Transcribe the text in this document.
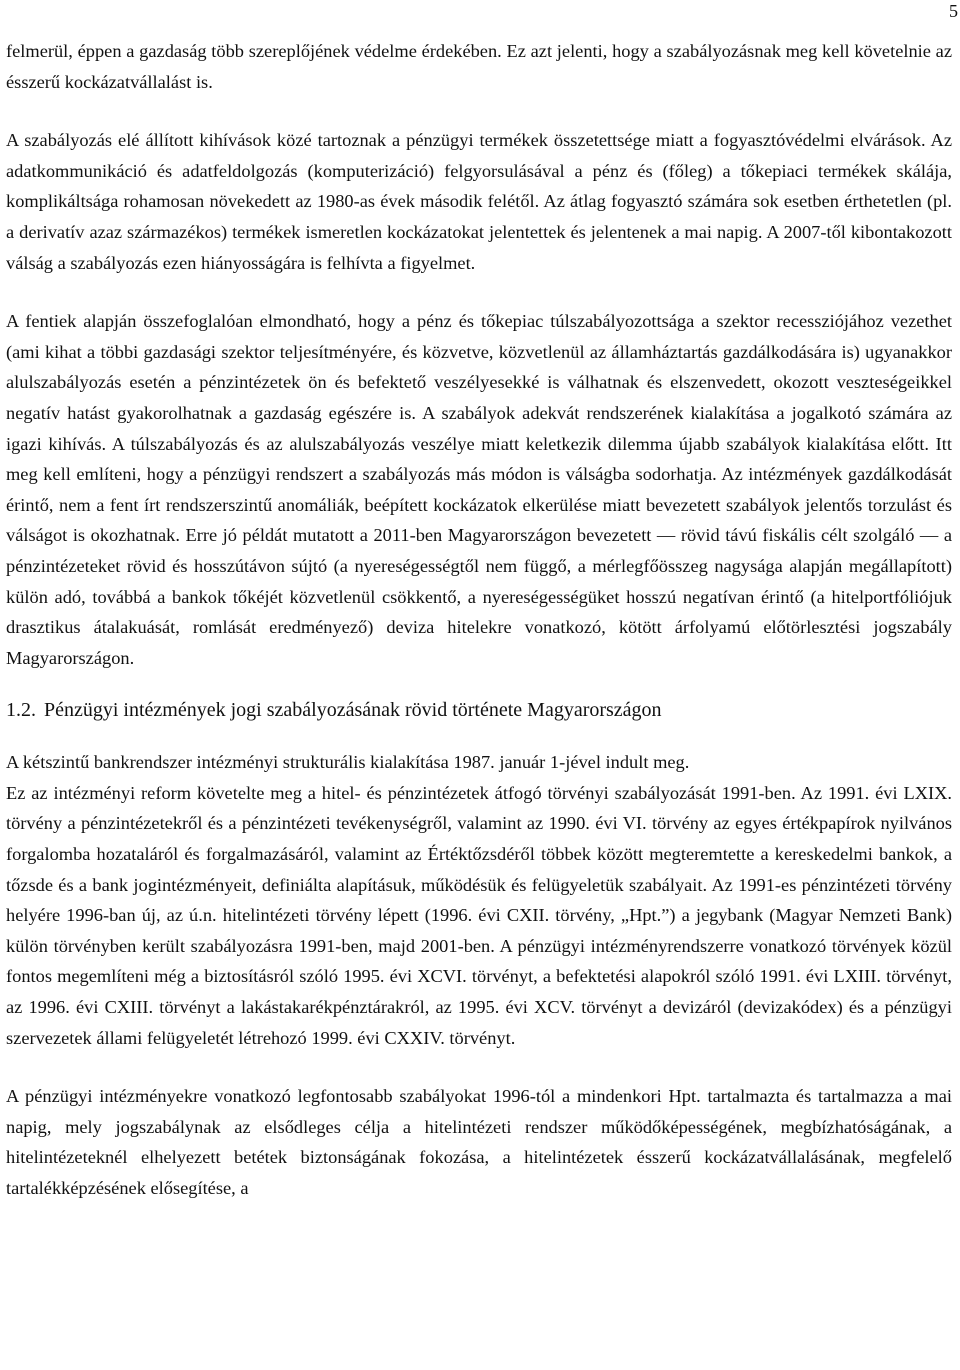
5

felmerül, éppen a gazdaság több szereplőjének védelme érdekében. Ez azt jelenti, hogy a szabályozásnak meg kell követelnie az ésszerű kockázatvállalást is.

A szabályozás elé állított kihívások közé tartoznak a pénzügyi termékek összetettsége miatt a fogyasztóvédelmi elvárások. Az adatkommunikáció és adatfeldolgozás (komputerizáció) felgyorsulásával a pénz és (főleg) a tőkepiaci termékek skálája, komplikáltsága rohamosan növekedett az 1980-as évek második felétől. Az átlag fogyasztó számára sok esetben érthetetlen (pl. a derivatív azaz származékos) termékek ismeretlen kockázatokat jelentettek és jelentenek a mai napig. A 2007-től kibontakozott válság a szabályozás ezen hiányosságára is felhívta a figyelmet.

A fentiek alapján összefoglalóan elmondható, hogy a pénz és tőkepiac túlszabályozottsága a szektor recessziójához vezethet (ami kihat a többi gazdasági szektor teljesítményére, és közvetve, közvetlenül az államháztartás gazdálkodására is) ugyanakkor alulszabályozás esetén a pénzintézetek ön és befektető veszélyesekké is válhatnak és elszenvedett, okozott veszteségeikkel negatív hatást gyakorolhatnak a gazdaság egészére is. A szabályok adekvát rendszerének kialakítása a jogalkotó számára az igazi kihívás. A túlszabályozás és az alulszabályozás veszélye miatt keletkezik dilemma újabb szabályok kialakítása előtt. Itt meg kell említeni, hogy a pénzügyi rendszert a szabályozás más módon is válságba sodorhatja. Az intézmények gazdálkodását érintő, nem a fent írt rendszerszintű anomáliák, beépített kockázatok elkerülése miatt bevezetett szabályok jelentős torzulást és válságot is okozhatnak. Erre jó példát mutatott a 2011-ben Magyarországon bevezetett — rövid távú fiskális célt szolgáló — a pénzintézeteket rövid és hosszútávon sújtó (a nyereségességtől nem függő, a mérlegfőösszeg nagysága alapján megállapított) külön adó, továbbá a bankok tőkéjét közvetlenül csökkentő, a nyereségességüket hosszú negatívan érintő (a hitelportfóliójuk drasztikus átalakuását, romlását eredményező) deviza hitelekre vonatkozó, kötött árfolyamú előtörlesztési jogszabály Magyarországon.

1.2. Pénzügyi intézmények jogi szabályozásának rövid története Magyarországon

A kétszintű bankrendszer intézményi strukturális kialakítása 1987. január 1-jével indult meg.

Ez az intézményi reform követelte meg a hitel- és pénzintézetek átfogó törvényi szabályozását 1991-ben. Az 1991. évi LXIX. törvény a pénzintézetekről és a pénzintézeti tevékenységről, valamint az 1990. évi VI. törvény az egyes értékpapírok nyilvános forgalomba hozataláról és forgalmazásáról, valamint az Értéktőzsdéről többek között megteremtette a kereskedelmi bankok, a tőzsde és a bank jogintézményeit, definiálta alapításuk, működésük és felügyeletük szabályait. Az 1991-es pénzintézeti törvény helyére 1996-ban új, az ú.n. hitelintézeti törvény lépett (1996. évi CXII. törvény, „Hpt.”) a jegybank (Magyar Nemzeti Bank) külön törvényben került szabályozásra 1991-ben, majd 2001-ben. A pénzügyi intézményrendszerre vonatkozó törvények közül fontos megemlíteni még a biztosításról szóló 1995. évi XCVI. törvényt, a befektetési alapokról szóló 1991. évi LXIII. törvényt, az 1996. évi CXIII. törvényt a lakástakarékpénztárakról, az 1995. évi XCV. törvényt a devizáról (devizakódex) és a pénzügyi szervezetek állami felügyeletét létrehozó 1999. évi CXXIV. törvényt.

A pénzügyi intézményekre vonatkozó legfontosabb szabályokat 1996-tól a mindenkori Hpt. tartalmazta és tartalmazza a mai napig, mely jogszabálynak az elsődleges célja a hitelintézeti rendszer működőképességének, megbízhatóságának, a hitelintézeteknél elhelyezett betétek biztonságának fokozása, a hitelintézetek ésszerű kockázatvállalásának, megfelelő tartalékképzésének elősegítése, a
